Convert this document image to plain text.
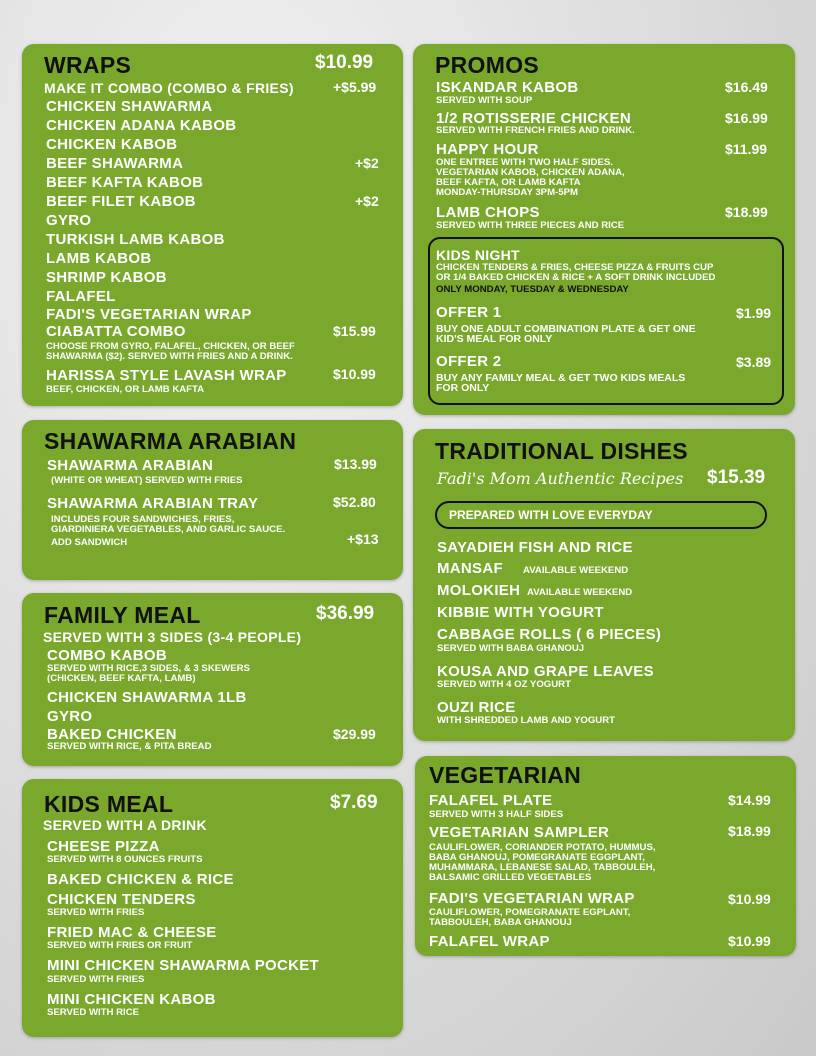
WRAPS	$10.99
MAKE IT COMBO (COMBO & FRIES)	+$5.99
CHICKEN SHAWARMA
CHICKEN ADANA KABOB
CHICKEN KABOB
BEEF SHAWARMA	+$2
BEEF KAFTA KABOB
BEEF FILET KABOB	+$2
GYRO
TURKISH LAMB KABOB
LAMB KABOB
SHRIMP KABOB
FALAFEL
FADI'S VEGETARIAN WRAP
CIABATTA COMBO	$15.99
CHOOSE FROM GYRO, FALAFEL, CHICKEN, OR BEEF
SHAWARMA ($2). SERVED WITH FRIES AND A DRINK.
HARISSA STYLE LAVASH WRAP	$10.99
BEEF, CHICKEN, OR LAMB KAFTA
PROMOS
ISKANDAR KABOB	$16.49
SERVED WITH SOUP
1/2 ROTISSERIE CHICKEN	$16.99
SERVED WITH FRENCH FRIES AND DRINK.
HAPPY HOUR	$11.99
ONE ENTREE WITH TWO HALF SIDES.
VEGETARIAN KABOB, CHICKEN ADANA,
BEEF KAFTA, OR LAMB KAFTA
MONDAY-THURSDAY 3PM-5PM
LAMB CHOPS	$18.99
SERVED WITH THREE PIECES AND RICE
KIDS NIGHT
CHICKEN TENDERS & FRIES, CHEESE PIZZA & FRUITS CUP
OR 1/4 BAKED CHICKEN & RICE + A SOFT DRINK INCLUDED
ONLY MONDAY, TUESDAY & WEDNESDAY
OFFER 1	$1.99
BUY ONE ADULT COMBINATION PLATE & GET ONE
KID'S MEAL FOR ONLY
OFFER 2	$3.89
BUY ANY FAMILY MEAL & GET TWO KIDS MEALS
FOR ONLY
SHAWARMA ARABIAN
SHAWARMA ARABIAN	$13.99
(WHITE OR WHEAT) SERVED WITH FRIES
SHAWARMA ARABIAN TRAY	$52.80
INCLUDES FOUR SANDWICHES, FRIES,
GIARDINIERA VEGETABLES, AND GARLIC SAUCE.
ADD SANDWICH	+$13
TRADITIONAL DISHES
Fadi's Mom Authentic Recipes $15.39
PREPARED WITH LOVE EVERYDAY
SAYADIEH FISH AND RICE
MANSAF AVAILABLE WEEKEND
MOLOKIEH AVAILABLE WEEKEND
KIBBIE WITH YOGURT
CABBAGE ROLLS ( 6 PIECES)
SERVED WITH BABA GHANOUJ
KOUSA AND GRAPE LEAVES
SERVED WITH 4 OZ YOGURT
OUZI RICE
WITH SHREDDED LAMB AND YOGURT
FAMILY MEAL	$36.99
SERVED WITH 3 SIDES (3-4 PEOPLE)
COMBO KABOB
SERVED WITH RICE,3 SIDES, & 3 SKEWERS
(CHICKEN, BEEF KAFTA, LAMB)
CHICKEN SHAWARMA 1LB
GYRO
BAKED CHICKEN	$29.99
SERVED WITH RICE, & PITA BREAD
KIDS MEAL	$7.69
SERVED WITH A DRINK
CHEESE PIZZA
SERVED WITH 8 OUNCES FRUITS
BAKED CHICKEN & RICE
CHICKEN TENDERS
SERVED WITH FRIES
FRIED MAC & CHEESE
SERVED WITH FRIES OR FRUIT
MINI CHICKEN SHAWARMA POCKET
SERVED WITH FRIES
MINI CHICKEN KABOB
SERVED WITH RICE
VEGETARIAN
FALAFEL PLATE	$14.99
SERVED WITH 3 HALF SIDES
VEGETARIAN SAMPLER	$18.99
CAULIFLOWER, CORIANDER POTATO, HUMMUS,
BABA GHANOUJ, POMEGRANATE EGGPLANT,
MUHAMMARA, LEBANESE SALAD, TABBOULEH,
BALSAMIC GRILLED VEGETABLES
FADI'S VEGETARIAN WRAP	$10.99
CAULIFLOWER, POMEGRANATE EGPLANT,
TABBOULEH, BABA GHANOUJ
FALAFEL WRAP	$10.99
